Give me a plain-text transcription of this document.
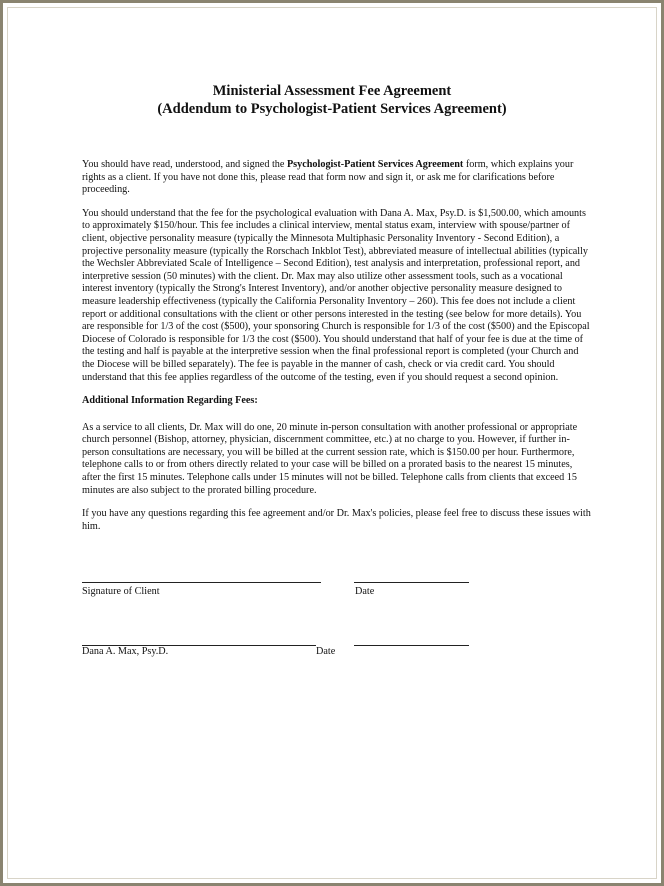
Ministerial Assessment Fee Agreement
(Addendum to Psychologist-Patient Services Agreement)

You should have read, understood, and signed the Psychologist-Patient Services Agreement form, which explains your rights as a client. If you have not done this, please read that form now and sign it, or ask me for clarifications before proceeding.

You should understand that the fee for the psychological evaluation with Dana A. Max, Psy.D. is $1,500.00, which amounts to approximately $150/hour. This fee includes a clinical interview, mental status exam, interview with spouse/partner of client, objective personality measure (typically the Minnesota Multiphasic Personality Inventory - Second Edition), a projective personality measure (typically the Rorschach Inkblot Test), abbreviated measure of intellectual abilities (typically the Wechsler Abbreviated Scale of Intelligence – Second Edition), test analysis and interpretation, professional report, and interpretive session (50 minutes) with the client. Dr. Max may also utilize other assessment tools, such as a vocational interest inventory (typically the Strong's Interest Inventory), and/or another objective personality measure designed to measure leadership effectiveness (typically the California Personality Inventory – 260). This fee does not include a client report or additional consultations with the client or other persons interested in the testing (see below for more details). You are responsible for 1/3 of the cost ($500), your sponsoring Church is responsible for 1/3 of the cost ($500) and the Episcopal Diocese of Colorado is responsible for 1/3 the cost ($500). You should understand that half of your fee is due at the time of the testing and half is payable at the interpretive session when the final professional report is completed (your Church and the Diocese will be billed separately). The fee is payable in the manner of cash, check or via credit card. You should understand that this fee applies regardless of the outcome of the testing, even if you should request a second opinion.

Additional Information Regarding Fees:

As a service to all clients, Dr. Max will do one, 20 minute in-person consultation with another professional or appropriate church personnel (Bishop, attorney, physician, discernment committee, etc.) at no charge to you. However, if further in-person consultations are necessary, you will be billed at the current session rate, which is $150.00 per hour. Furthermore, telephone calls to or from others directly related to your case will be billed on a prorated basis to the nearest 15 minutes, after the first 15 minutes. Telephone calls under 15 minutes will not be billed. Telephone calls from clients that exceed 15 minutes are also subject to the prorated billing procedure.

If you have any questions regarding this fee agreement and/or Dr. Max's policies, please feel free to discuss these issues with him.

Signature of Client	Date
Dana A. Max, Psy.D.	Date
